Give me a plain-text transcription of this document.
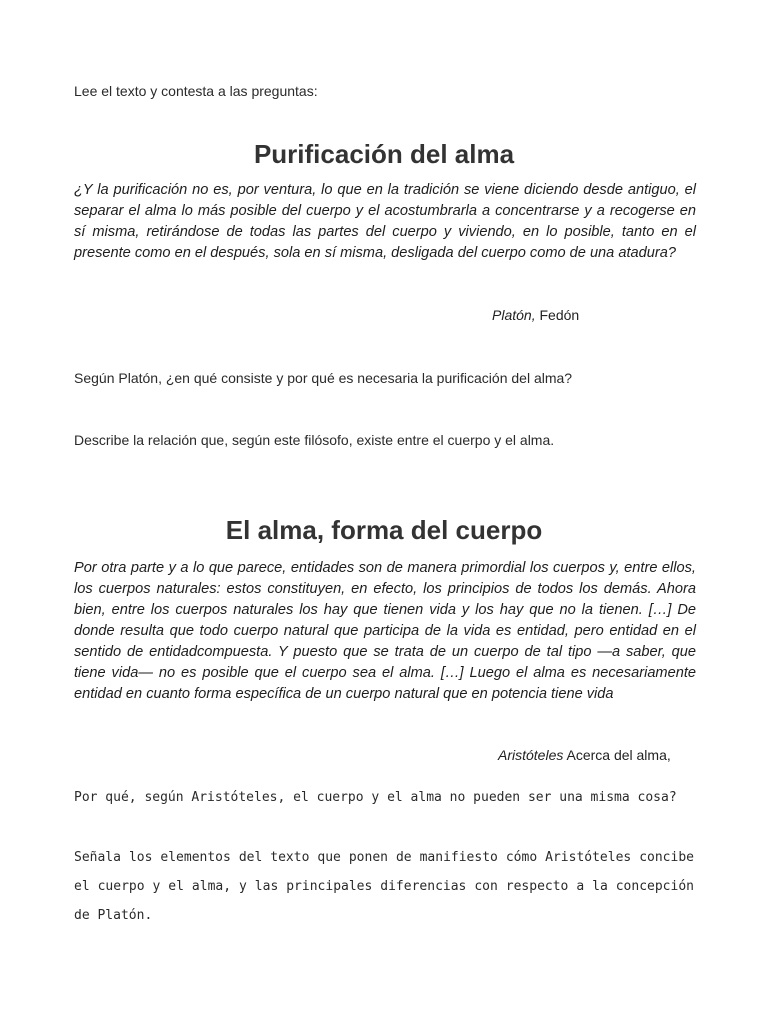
Lee el texto y contesta a las preguntas:
Purificación del alma
¿Y la purificación no es, por ventura, lo que en la tradición se viene diciendo desde antiguo, el separar el alma lo más posible del cuerpo y el acostumbrarla a concentrarse y a recogerse en sí misma, retirándose de todas las partes del cuerpo y viviendo, en lo posible, tanto en el presente como en el después, sola en sí misma, desligada del cuerpo como de una atadura?
Platón, Fedón
Según Platón, ¿en qué consiste y por qué es necesaria la purificación del alma?
Describe la relación que, según este filósofo, existe entre el cuerpo y el alma.
El alma, forma del cuerpo
Por otra parte y a lo que parece, entidades son de manera primordial los cuerpos y, entre ellos, los cuerpos naturales: estos constituyen, en efecto, los principios de todos los demás. Ahora bien, entre los cuerpos naturales los hay que tienen vida y los hay que no la tienen. […] De donde resulta que todo cuerpo natural que participa de la vida es entidad, pero entidad en el sentido de entidadcompuesta. Y puesto que se trata de un cuerpo de tal tipo —a saber, que tiene vida— no es posible que el cuerpo sea el alma. […] Luego el alma es necesariamente entidad en cuanto forma específica de un cuerpo natural que en potencia tiene vida
Aristóteles Acerca del alma,
Por qué, según Aristóteles, el cuerpo y el alma no pueden ser una misma cosa?
Señala los elementos del texto que ponen de manifiesto cómo Aristóteles concibe el cuerpo y el alma, y las principales diferencias con respecto a la concepción de Platón.
